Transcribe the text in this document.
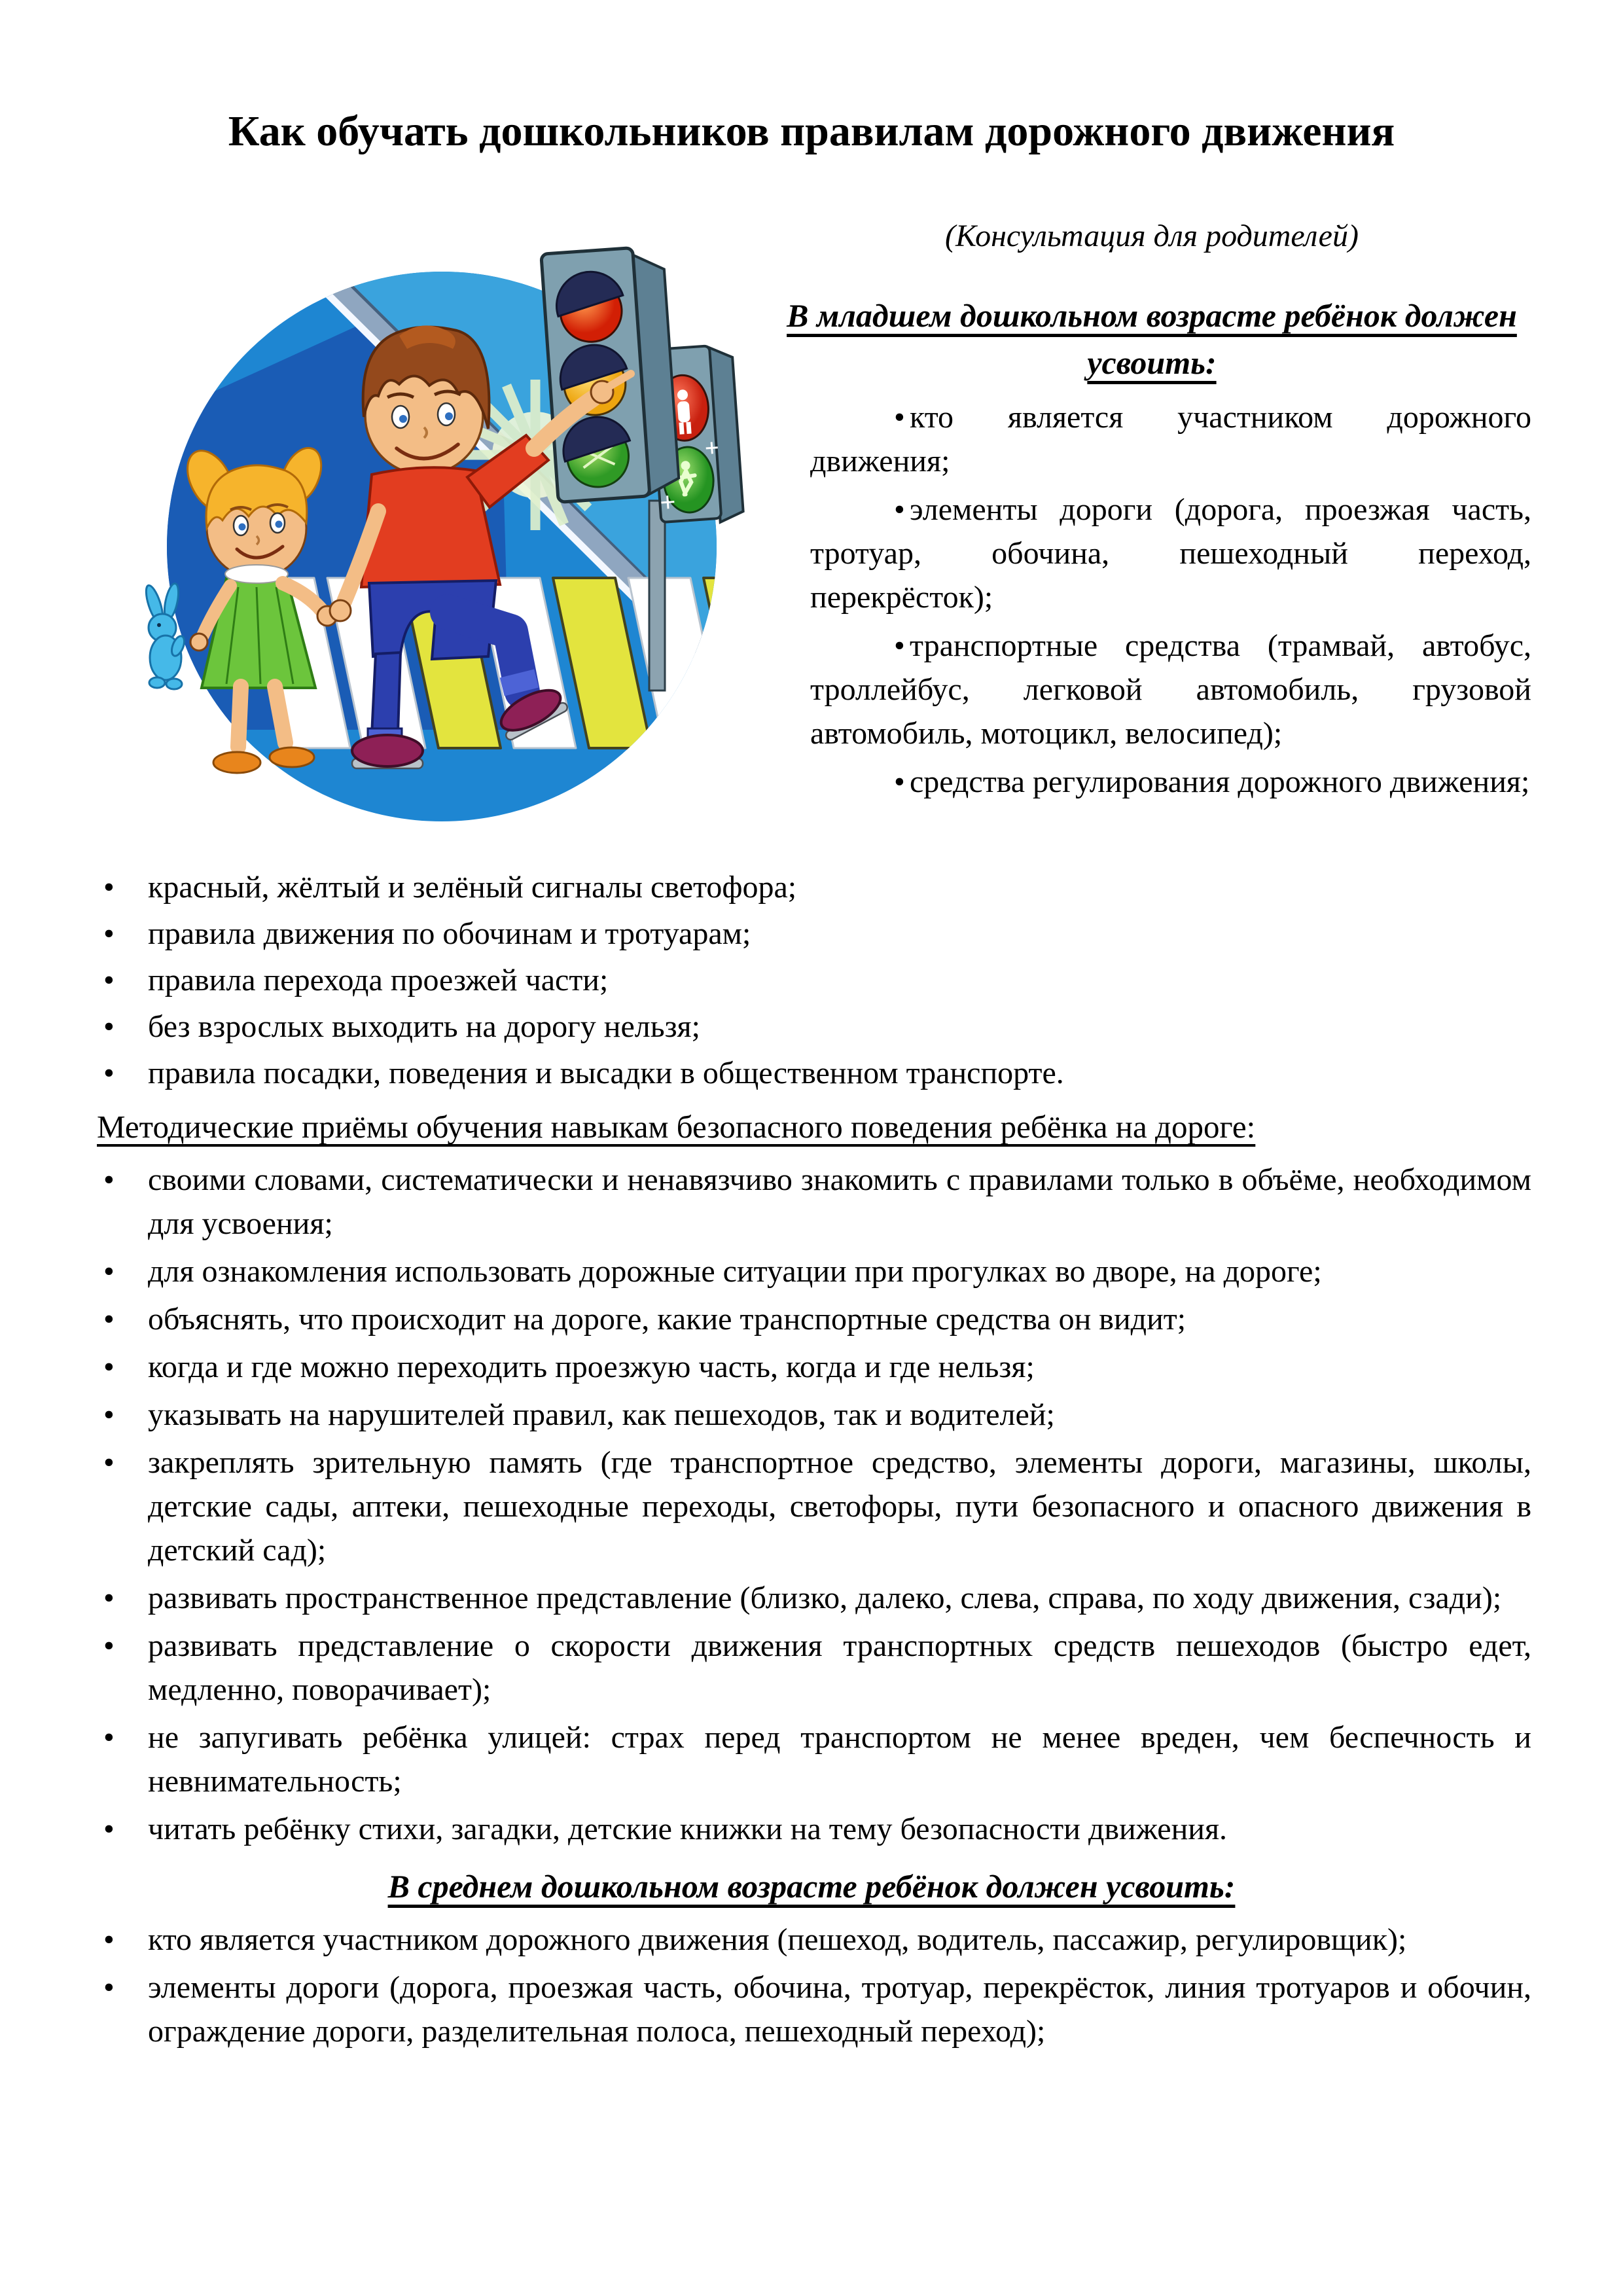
Как обучать дошкольников правилам дорожного движения

(Консультация для родителей)

В младшем дошкольном возрасте ребёнок должен усвоить:
• кто является участником дорожного движения;
• элементы дороги (дорога, проезжая часть, тротуар, обочина, пешеходный переход, перекрёсток);
• транспортные средства (трамвай, автобус, троллейбус, легковой автомобиль, грузовой автомобиль, мотоцикл, велосипед);
• средства регулирования дорожного движения;
• красный, жёлтый и зелёный сигналы светофора;
• правила движения по обочинам и тротуарам;
• правила перехода проезжей части;
• без взрослых выходить на дорогу нельзя;
• правила посадки, поведения и высадки в общественном транспорте.
Методические приёмы обучения навыкам безопасного поведения ребёнка на дороге:
• своими словами, систематически и ненавязчиво знакомить с правилами только в объёме, необходимом для усвоения;
• для ознакомления использовать дорожные ситуации при прогулках во дворе, на дороге;
• объяснять, что происходит на дороге, какие транспортные средства он видит;
• когда и где можно переходить проезжую часть, когда и где нельзя;
• указывать на нарушителей правил, как пешеходов, так и водителей;
• закреплять зрительную память (где транспортное средство, элементы дороги, магазины, школы, детские сады, аптеки, пешеходные переходы, светофоры, пути безопасного и опасного движения в детский сад);
• развивать пространственное представление (близко, далеко, слева, справа, по ходу движения, сзади);
• развивать представление о скорости движения транспортных средств пешеходов (быстро едет, медленно, поворачивает);
• не запугивать ребёнка улицей: страх перед транспортом не менее вреден, чем беспечность и невнимательность;
• читать ребёнку стихи, загадки, детские книжки на тему безопасности движения.
В среднем дошкольном возрасте ребёнок должен усвоить:
• кто является участником дорожного движения (пешеход, водитель, пассажир, регулировщик);
• элементы дороги (дорога, проезжая часть, обочина, тротуар, перекрёсток, линия тротуаров и обочин, ограждение дороги, разделительная полоса, пешеходный переход);
